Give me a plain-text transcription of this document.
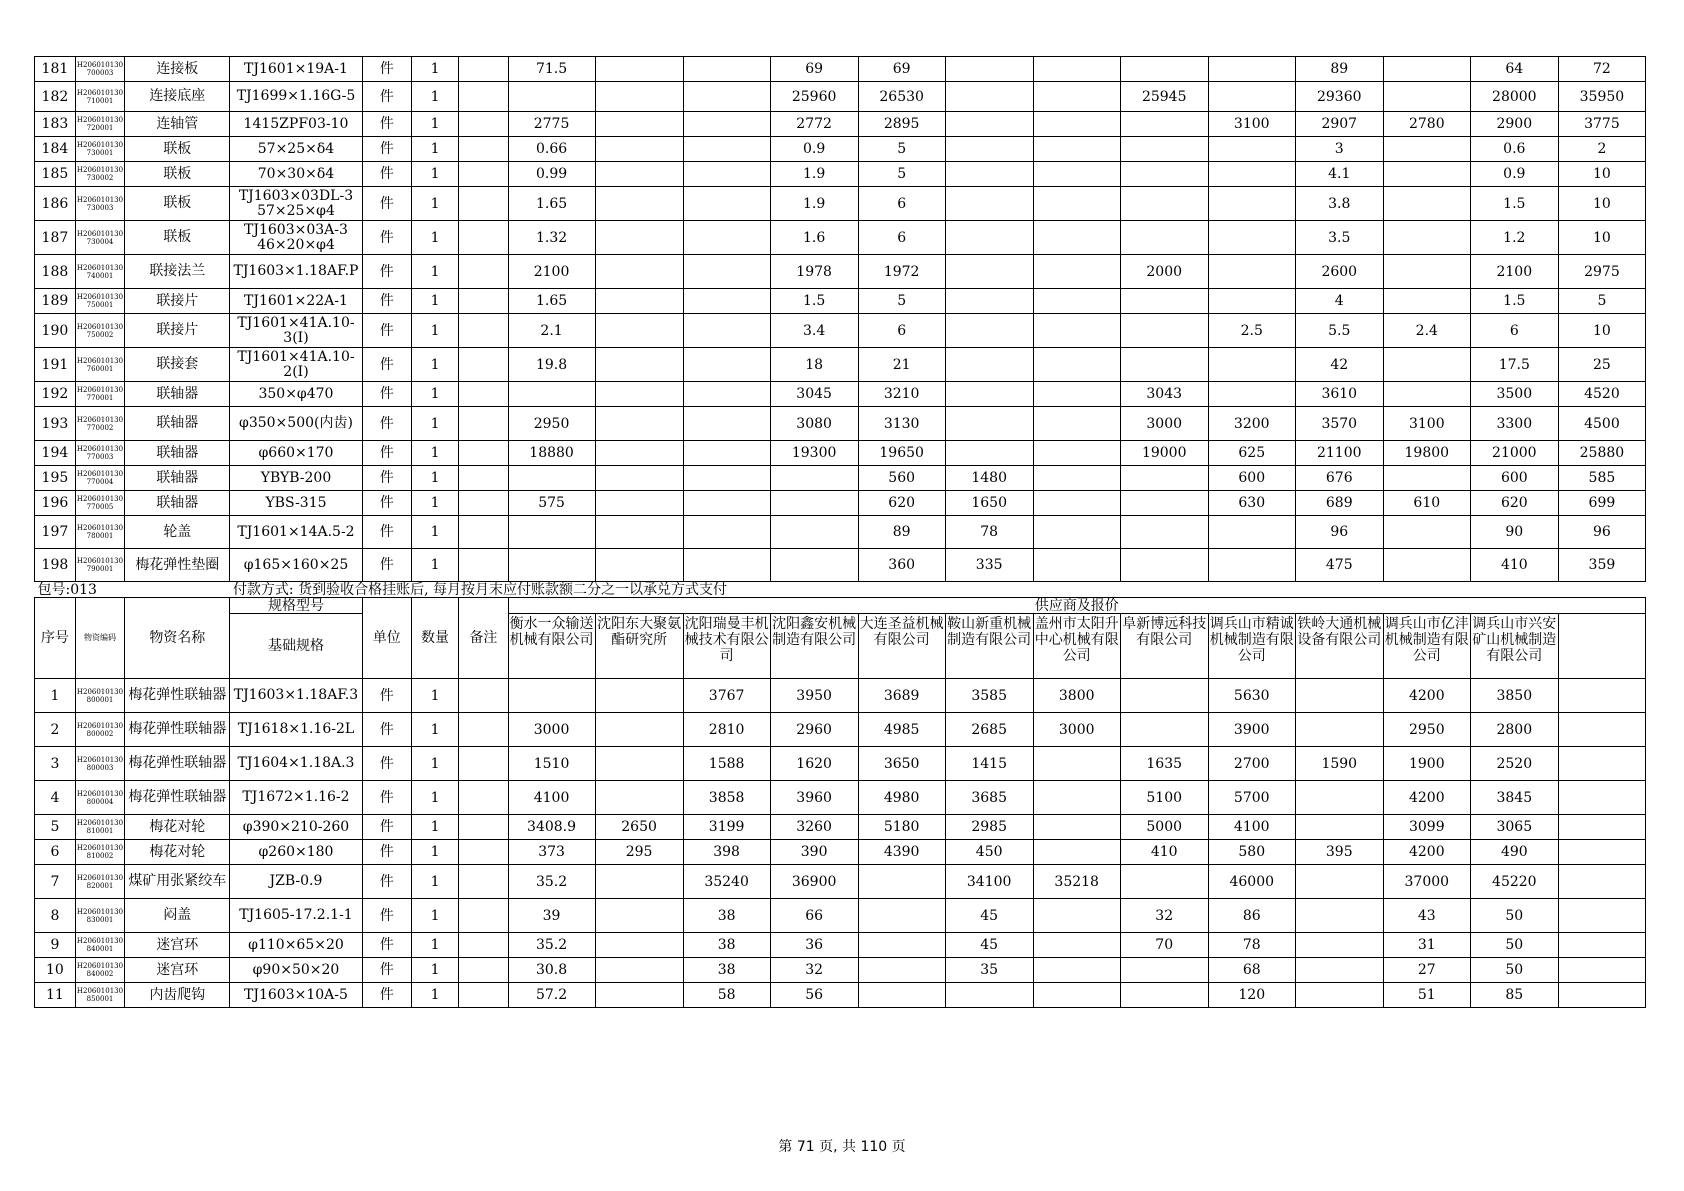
181	H206010130700003	连接板	TJ1601×19A-1	件	1		71.5			69	69					89		64	72
182	H206010130710001	连接底座	TJ1699×1.16G-5	件	1					25960	26530			25945		29360		28000	35950
183	H206010130720001	连轴管	1415ZPF03-10	件	1		2775			2772	2895				3100	2907	2780	2900	3775
184	H206010130730001	联板	57×25×δ4	件	1		0.66			0.9	5					3		0.6	2
185	H206010130730002	联板	70×30×δ4	件	1		0.99			1.9	5					4.1		0.9	10
186	H206010130730003	联板	TJ1603×03DL-3 57×25×φ4	件	1		1.65			1.9	6					3.8		1.5	10
187	H206010130730004	联板	TJ1603×03A-3 46×20×φ4	件	1		1.32			1.6	6					3.5		1.2	10
188	H206010130740001	联接法兰	TJ1603×1.18AF.P	件	1		2100			1978	1972			2000		2600		2100	2975
189	H206010130750001	联接片	TJ1601×22A-1	件	1		1.65			1.5	5					4		1.5	5
190	H206010130750002	联接片	TJ1601×41A.10-3(I)	件	1		2.1			3.4	6				2.5	5.5	2.4	6	10
191	H206010130760001	联接套	TJ1601×41A.10-2(I)	件	1		19.8			18	21					42		17.5	25
192	H206010130770001	联轴器	350×φ470	件	1					3045	3210			3043		3610		3500	4520
193	H206010130770002	联轴器	φ350×500(内齿)	件	1		2950			3080	3130			3000	3200	3570	3100	3300	4500
194	H206010130770003	联轴器	φ660×170	件	1		18880			19300	19650			19000	625	21100	19800	21000	25880
195	H206010130770004	联轴器	YBYB-200	件	1						560	1480			600	676		600	585
196	H206010130770005	联轴器	YBS-315	件	1		575				620	1650			630	689	610	620	699
197	H206010130780001	轮盖	TJ1601×14A.5-2	件	1						89	78				96		90	96
198	H206010130790001	梅花弹性垫圈	φ165×160×25	件	1						360	335				475		410	359
包号:013			付款方式: 货到验收合格挂账后, 每月按月末应付账款额二分之一以承兑方式支付																
序号	物资编码	物资名称	规格型号	单位	数量	备注	供应商及报价												
			基础规格				衡水一众输送机械有限公司	沈阳东大聚氨酯研究所	沈阳瑞曼丰机械技术有限公司	沈阳鑫安机械制造有限公司	大连圣益机械有限公司	鞍山新重机械制造有限公司	盖州市太阳升中心机械有限公司	阜新博远科技有限公司	调兵山市精诚机械制造有限公司	铁岭大通机械设备有限公司	调兵山市亿沣机械制造有限公司	调兵山市兴安矿山机械制造有限公司	
1	H206010130800001	梅花弹性联轴器	TJ1603×1.18AF.3	件	1				3767	3950	3689	3585	3800		5630		4200	3850	
2	H206010130800002	梅花弹性联轴器	TJ1618×1.16-2L	件	1		3000		2810	2960	4985	2685	3000		3900		2950	2800	
3	H206010130800003	梅花弹性联轴器	TJ1604×1.18A.3	件	1		1510		1588	1620	3650	1415		1635	2700	1590	1900	2520	
4	H206010130800004	梅花弹性联轴器	TJ1672×1.16-2	件	1		4100		3858	3960	4980	3685		5100	5700		4200	3845	
5	H206010130810001	梅花对轮	φ390×210-260	件	1		3408.9	2650	3199	3260	5180	2985		5000	4100		3099	3065	
6	H206010130810002	梅花对轮	φ260×180	件	1		373	295	398	390	4390	450		410	580	395	4200	490	
7	H206010130820001	煤矿用张紧绞车	JZB-0.9	件	1		35.2		35240	36900		34100	35218		46000		37000	45220	
8	H206010130830001	闷盖	TJ1605-17.2.1-1	件	1		39		38	66		45		32	86		43	50	
9	H206010130840001	迷宫环	φ110×65×20	件	1		35.2		38	36		45		70	78		31	50	
10	H206010130840002	迷宫环	φ90×50×20	件	1		30.8		38	32		35			68		27	50	
11	H206010130850001	内齿爬钩	TJ1603×10A-5	件	1		57.2		58	56					120		51	85	
第 71 页, 共 110 页
